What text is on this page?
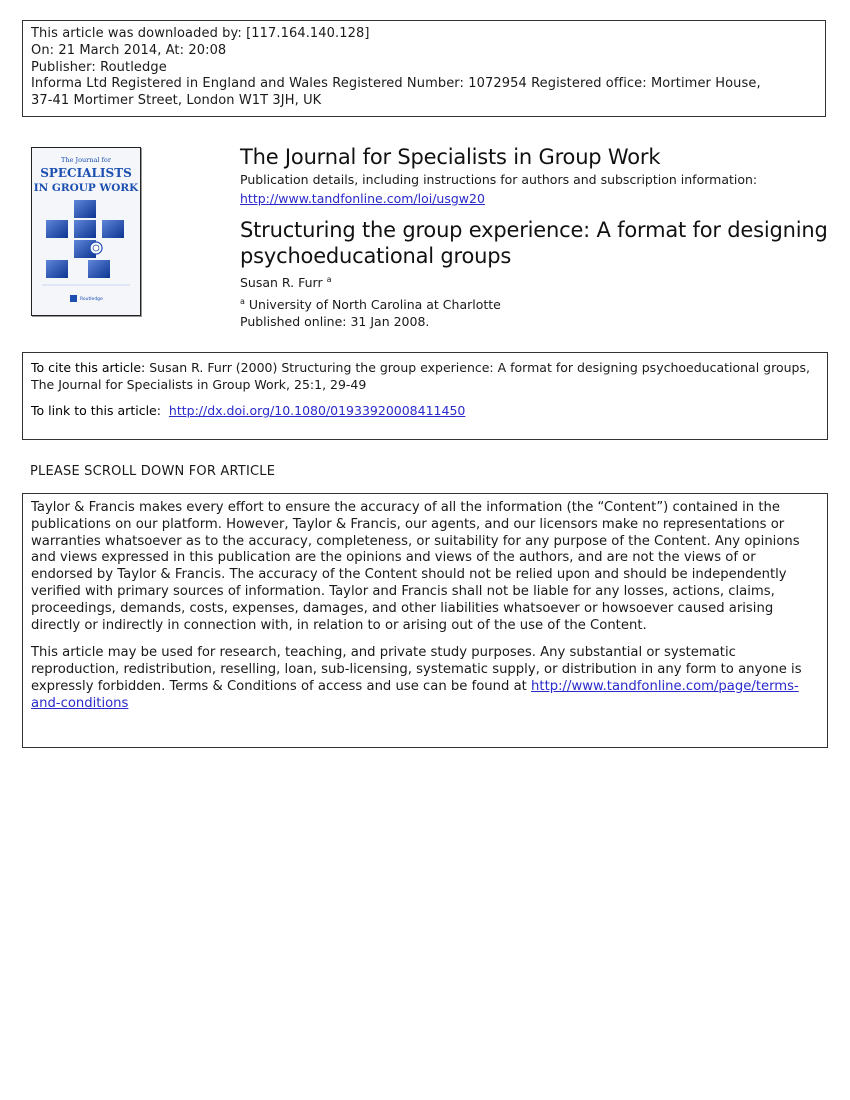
This article was downloaded by: [117.164.140.128]
On: 21 March 2014, At: 20:08
Publisher: Routledge
Informa Ltd Registered in England and Wales Registered Number: 1072954 Registered office: Mortimer House,
37-41 Mortimer Street, London W1T 3JH, UK
The Journal for
SPECIALISTS
IN GROUP WORK
Routledge
The Journal for Specialists in Group Work
Publication details, including instructions for authors and subscription information:
http://www.tandfonline.com/loi/usgw20
Structuring the group experience: A format for designing psychoeducational groups
Susan R. Furr $^a$
$^a$ University of North Carolina at Charlotte
Published online: 31 Jan 2008.
To cite this article: Susan R. Furr (2000) Structuring the group experience: A format for designing psychoeducational groups, The Journal for Specialists in Group Work, 25:1, 29-49
To link to this article: http://dx.doi.org/10.1080/01933920008411450
PLEASE SCROLL DOWN FOR ARTICLE

Taylor & Francis makes every effort to ensure the accuracy of all the information (the “Content”) contained in the publications on our platform. However, Taylor & Francis, our agents, and our licensors make no representations or warranties whatsoever as to the accuracy, completeness, or suitability for any purpose of the Content. Any opinions and views expressed in this publication are the opinions and views of the authors, and are not the views of or endorsed by Taylor & Francis. The accuracy of the Content should not be relied upon and should be independently verified with primary sources of information. Taylor and Francis shall not be liable for any losses, actions, claims, proceedings, demands, costs, expenses, damages, and other liabilities whatsoever or howsoever caused arising directly or indirectly in connection with, in relation to or arising out of the use of the Content.

This article may be used for research, teaching, and private study purposes. Any substantial or systematic reproduction, redistribution, reselling, loan, sub-licensing, systematic supply, or distribution in any form to anyone is expressly forbidden. Terms & Conditions of access and use can be found at http://www.tandfonline.com/page/terms-and-conditions
